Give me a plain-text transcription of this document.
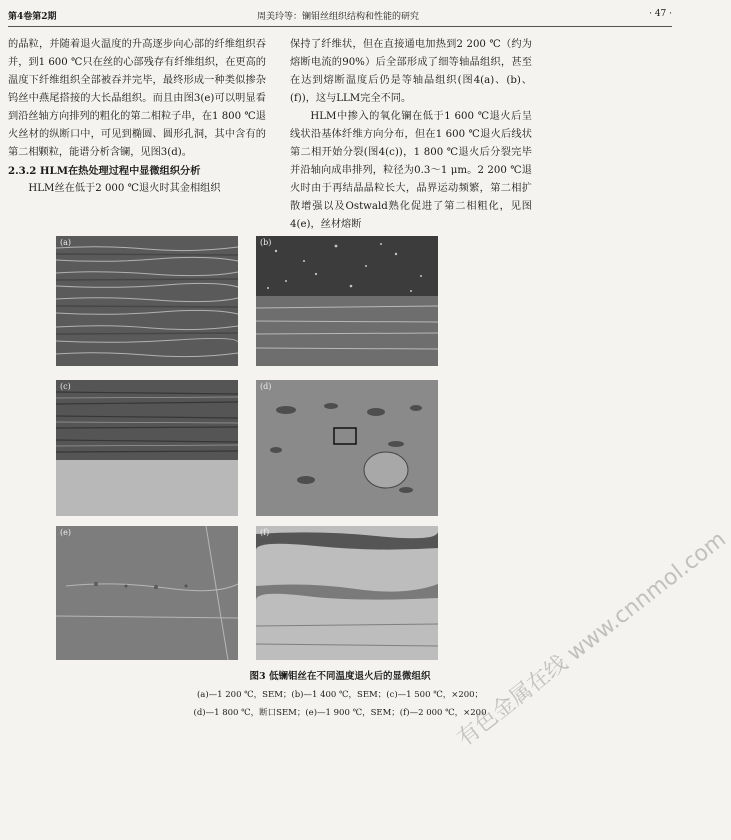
第4卷第2期	周美玲等：镧钼丝组织结构和性能的研究	· 47 ·

的晶粒，并随着退火温度的升高逐步向心部的纤维组织吞并，到1 600 ℃只在丝的心部残存有纤维组织，在更高的温度下纤维组织全部被吞并完毕，最终形成一种类似掺杂钨丝中燕尾搭接的大长晶组织。而且由图3(e)可以明显看到沿丝轴方向排列的粗化的第二相粒子串，在1 800 ℃退火丝材的纵断口中，可见到椭圆、圆形孔洞，其中含有的第二相颗粒，能谱分析含镧，见图3(d)。

2.3.2 HLM在热处理过程中显微组织分析

HLM丝在低于2 000 ℃退火时其金相组织

保持了纤维状，但在直接通电加热到2 200 ℃（约为熔断电流的90%）后全部形成了细等轴晶组织，甚至在达到熔断温度后仍是等轴晶组织(图4(a)、(b)、(f))，这与LLM完全不同。

HLM中掺入的氧化镧在低于1 600 ℃退火后呈线状沿基体纤维方向分布，但在1 600 ℃退火后线状第二相开始分裂(图4(c))，1 800 ℃退火后分裂完毕并沿轴向成串排列，粒径为0.3～1 μm。2 200 ℃退火时由于再结晶晶粒长大，晶界运动频繁，第二相扩散增强以及Ostwald熟化促进了第二相粗化，见图4(e)，丝材熔断

(a)	(b)
(c)	(d)
(e)	(f)
图3 低镧钼丝在不同温度退火后的显微组织
(a)—1 200 ℃，SEM；(b)—1 400 ℃，SEM；(c)—1 500 ℃，×200；
(d)—1 800 ℃，断口SEM；(e)—1 900 ℃，SEM；(f)—2 000 ℃，×200
有色金属在线 www.cnnmol.com
